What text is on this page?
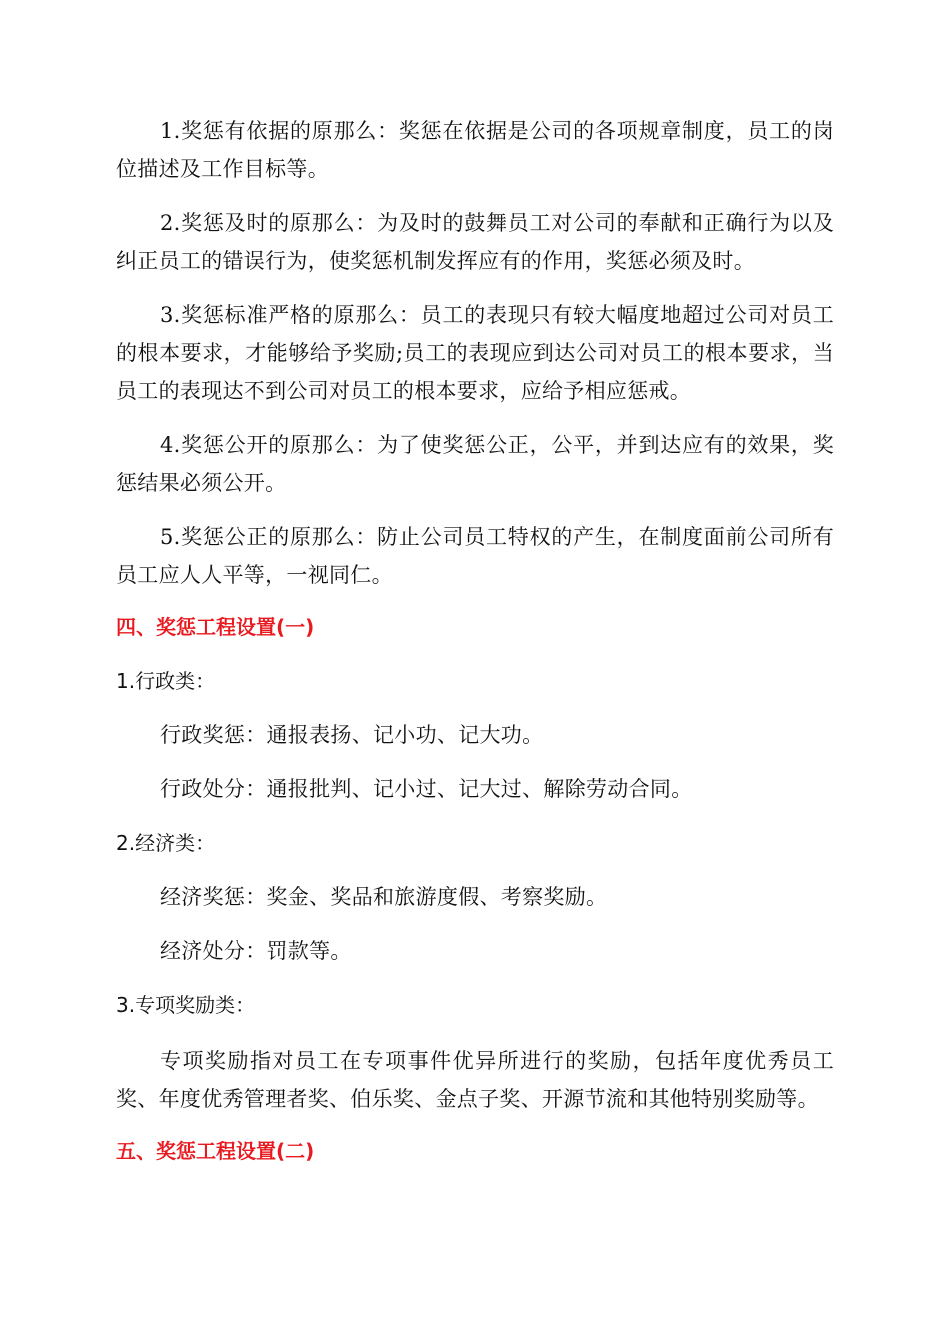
1.奖惩有依据的原那么：奖惩在依据是公司的各项规章制度，员工的岗位描述及工作目标等。

2.奖惩及时的原那么：为及时的鼓舞员工对公司的奉献和正确行为以及纠正员工的错误行为，使奖惩机制发挥应有的作用，奖惩必须及时。

3.奖惩标准严格的原那么：员工的表现只有较大幅度地超过公司对员工的根本要求，才能够给予奖励;员工的表现应到达公司对员工的根本要求，当员工的表现达不到公司对员工的根本要求，应给予相应惩戒。

4.奖惩公开的原那么：为了使奖惩公正，公平，并到达应有的效果，奖惩结果必须公开。

5.奖惩公正的原那么：防止公司员工特权的产生，在制度面前公司所有员工应人人平等，一视同仁。

四、奖惩工程设置(一)
1.行政类：
行政奖惩：通报表扬、记小功、记大功。
行政处分：通报批判、记小过、记大过、解除劳动合同。
2.经济类：
经济奖惩：奖金、奖品和旅游度假、考察奖励。
经济处分：罚款等。
3.专项奖励类：

专项奖励指对员工在专项事件优异所进行的奖励，包括年度优秀员工奖、年度优秀管理者奖、伯乐奖、金点子奖、开源节流和其他特别奖励等。

五、奖惩工程设置(二)
